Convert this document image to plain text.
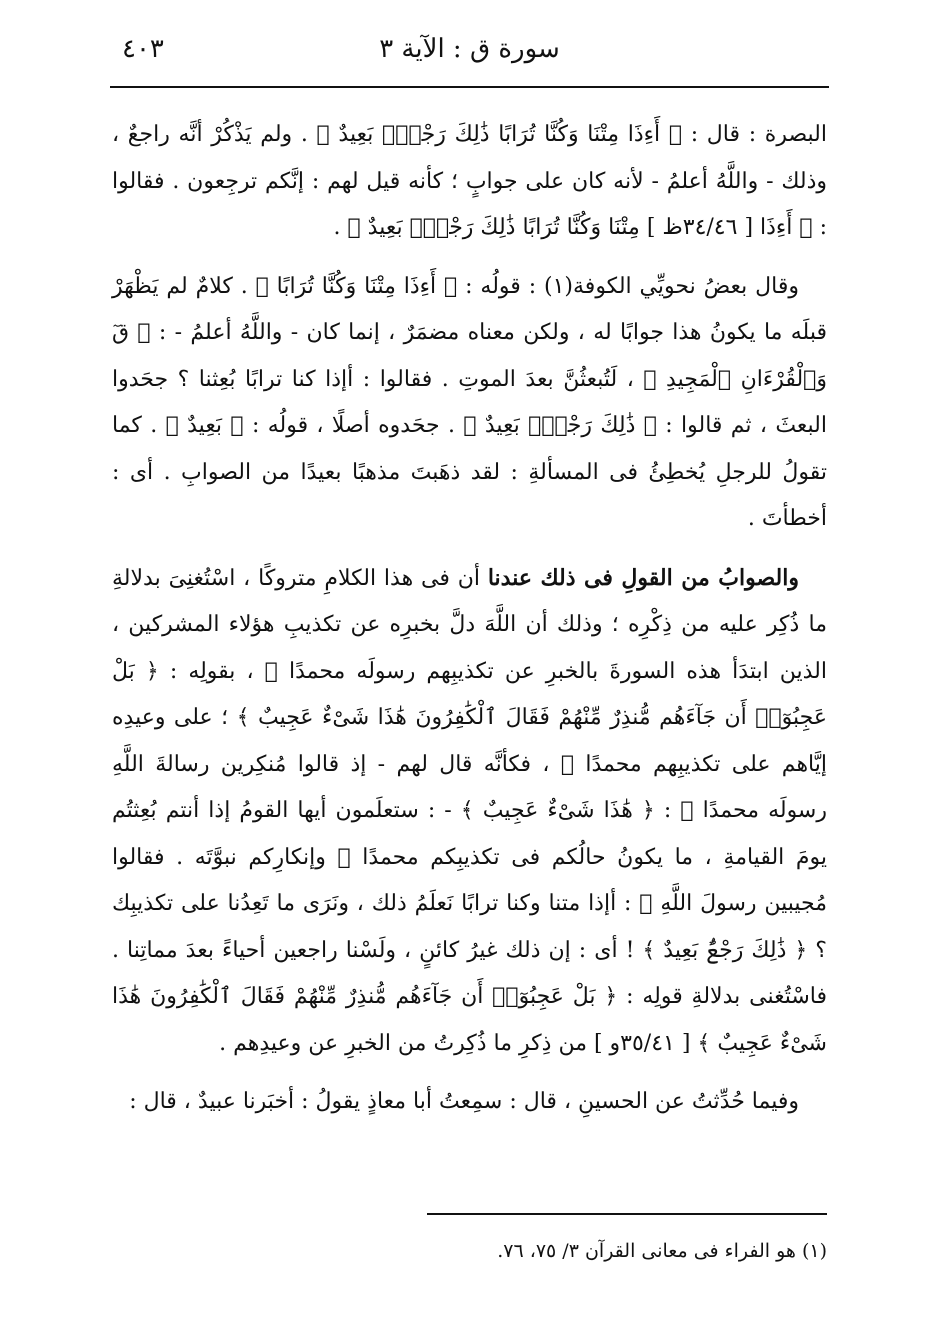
سورة ق : الآية ٣
٤٠٣

البصرة : قال : ﴿ أَءِذَا مِتْنَا وَكُنَّا تُرَابًا ذَٰلِكَ رَجْعٌۢ بَعِيدٌ ﴾ . ولم يَذْكُرْ أنَّه راجعٌ ، وذلك - واللَّهُ أعلمُ - لأنه كان على جوابٍ ؛ كأنه قيل لهم : إنَّكم ترجِعون . فقالوا : ﴿ أَءِذَا [ ٣٤/٤٦ظ ] مِتْنَا وَكُنَّا تُرَابًا ذَٰلِكَ رَجْعٌۢ بَعِيدٌ ﴾ .

وقال بعضُ نحويِّي الكوفة(١) : قولُه : ﴿ أَءِذَا مِتْنَا وَكُنَّا تُرَابًا ﴾ . كلامٌ لم يَظْهَرْ قبلَه ما يكونُ هذا جوابًا له ، ولكن معناه مضمَرٌ ، إنما كان - واللَّهُ أعلمُ - : ﴿ قٓ وَٱلْقُرْءَانِ ٱلْمَجِيدِ ﴾ ، لَتُبعثُنَّ بعدَ الموتِ . فقالوا : أإذا كنا ترابًا بُعِثنا ؟ جحَدوا البعثَ ، ثم قالوا : ﴿ ذَٰلِكَ رَجْعٌۢ بَعِيدٌ ﴾ . جحَدوه أصلًا ، قولُه : ﴿ بَعِيدٌ ﴾ . كما تقولُ للرجلِ يُخطِئُ فى المسألةِ : لقد ذهَبتَ مذهبًا بعيدًا من الصوابِ . أى : أخطأتَ .

والصوابُ من القولِ فى ذلك عندنا أن فى هذا الكلامِ متروكًا ، اسْتُغنِىَ بدلالةِ ما ذُكِر عليه من ذِكْرِه ؛ وذلك أن اللَّهَ دلَّ بخبرِه عن تكذيبِ هؤلاء المشركين ، الذين ابتدَأ هذه السورةَ بالخبرِ عن تكذيبِهم رسولَه محمدًا ﷺ ، بقولِه : ﴿ بَلْ عَجِبُوٓا۟ أَن جَآءَهُم مُّنذِرٌ مِّنْهُمْ فَقَالَ ٱلْكَٰفِرُونَ هَٰذَا شَىْءٌ عَجِيبٌ ﴾ ؛ على وعيدِه إيَّاهم على تكذيبِهم محمدًا ﷺ ، فكأنَّه قال لهم - إذ قالوا مُنكِرين رسالةَ اللَّهِ رسولَه محمدًا ﷺ : ﴿ هَٰذَا شَىْءٌ عَجِيبٌ ﴾ - : ستعلَمون أيها القومُ إذا أنتم بُعِثتُم يومَ القيامةِ ، ما يكونُ حالُكم فى تكذيبِكم محمدًا ﷺ وإنكارِكم نبوَّتَه . فقالوا مُجيبين رسولَ اللَّهِ ﷺ : أإذا متنا وكنا ترابًا نَعلَمُ ذلك ، ونَرَى ما تَعِدُنا على تكذيبِك ؟ ﴿ ذَٰلِكَ رَجْعٌۢ بَعِيدٌ ﴾ ! أى : إن ذلك غيرُ كائنٍ ، ولَسْنا راجعين أحياءً بعدَ مماتِنا . فاسْتُغنى بدلالةِ قولِه : ﴿ بَلْ عَجِبُوٓا۟ أَن جَآءَهُم مُّنذِرٌ مِّنْهُمْ فَقَالَ ٱلْكَٰفِرُونَ هَٰذَا شَىْءٌ عَجِيبٌ ﴾ [ ٣٥/٤١و ] من ذِكرِ ما ذُكِرتُ من الخبرِ عن وعيدِهم .

وفيما حُدِّثتُ عن الحسينِ ، قال : سمِعتُ أبا معاذٍ يقولُ : أخبَرنا عبيدٌ ، قال :

(١) هو الفراء فى معانى القرآن ٣/ ٧٥، ٧٦.
